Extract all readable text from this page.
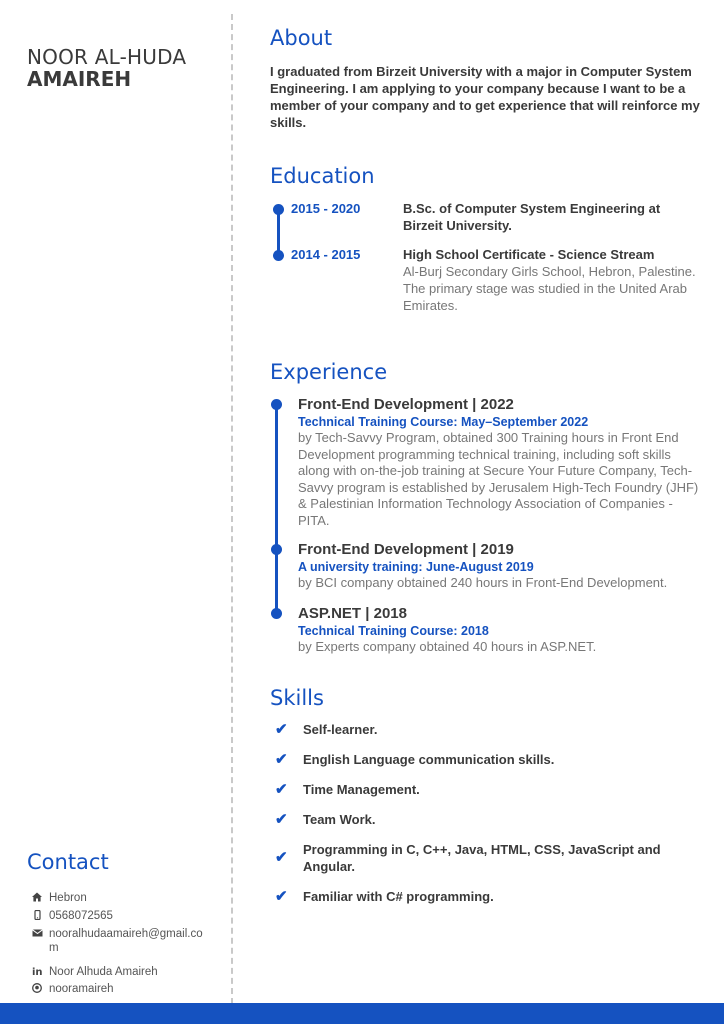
NOOR AL-HUDA
AMAIREH
Contact
Hebron
0568072565
nooralhudaamaireh@gmail.com
in Noor Alhuda Amaireh
nooramaireh
About
I graduated from Birzeit University with a major in Computer System Engineering. I am applying to your company because I want to be a member of your company and to get experience that will reinforce my skills.
Education
2015 - 2020	B.Sc. of Computer System Engineering at Birzeit University.
2014 - 2015	High School Certificate - Science Stream
Al-Burj Secondary Girls School, Hebron, Palestine.
The primary stage was studied in the United Arab Emirates.
Experience
Front-End Development | 2022
Technical Training Course: May–September 2022
by Tech-Savvy Program, obtained 300 Training hours in Front End Development programming technical training, including soft skills along with on-the-job training at Secure Your Future Company, Tech-Savvy program is established by Jerusalem High-Tech Foundry (JHF) & Palestinian Information Technology Association of Companies - PITA.
Front-End Development | 2019
A university training: June-August 2019
by BCI company obtained 240 hours in Front-End Development.
ASP.NET | 2018
Technical Training Course: 2018
by Experts company obtained 40 hours in ASP.NET.
Skills
✔	Self-learner.
✔	English Language communication skills.
✔	Time Management.
✔	Team Work.
✔	Programming in C, C++, Java, HTML, CSS, JavaScript and Angular.
✔	Familiar with C# programming.
